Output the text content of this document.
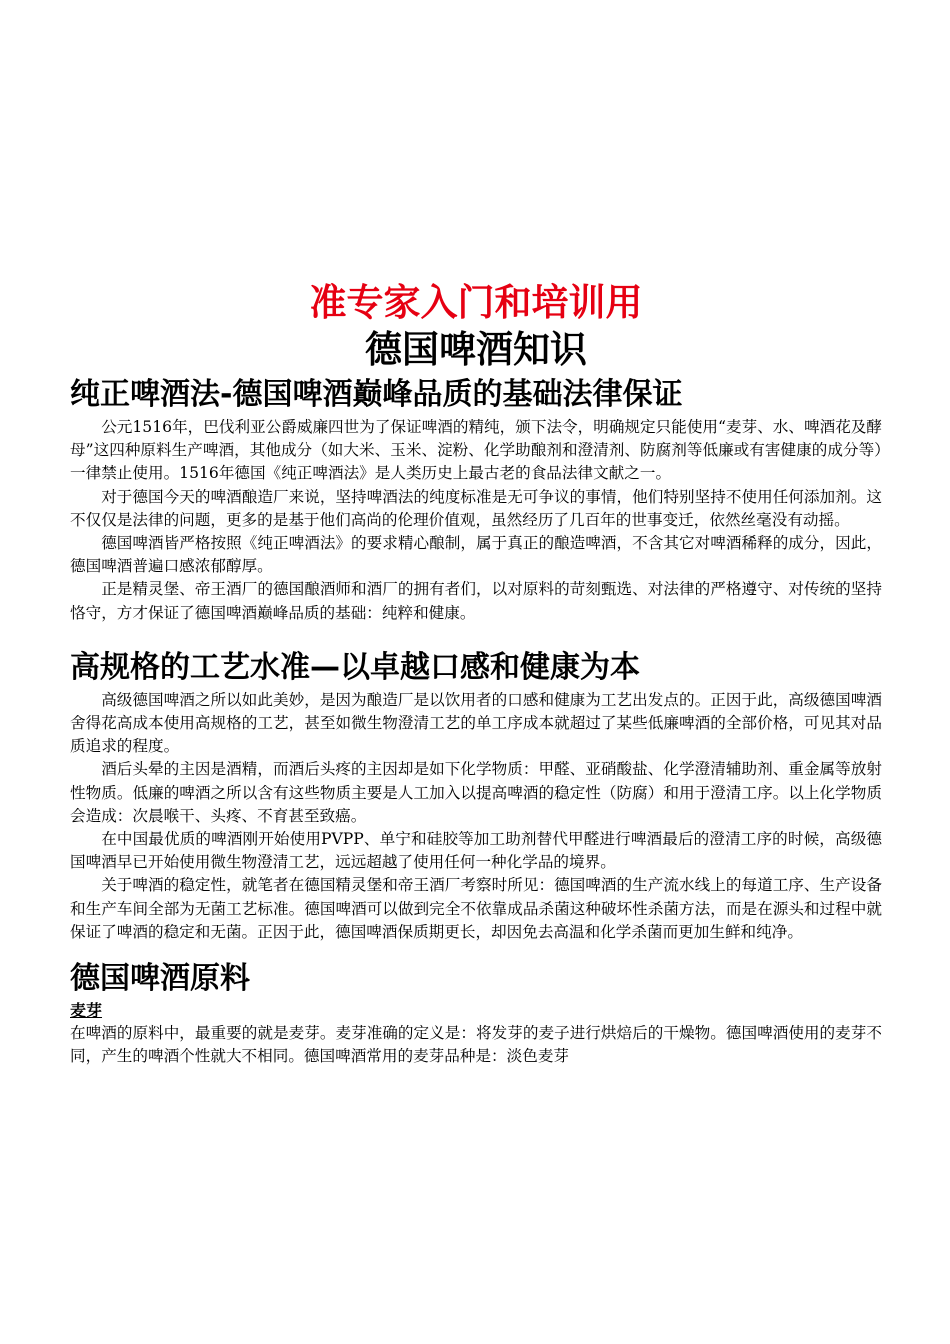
准专家入门和培训用
德国啤酒知识
纯正啤酒法-德国啤酒巅峰品质的基础法律保证

公元1516年，巴伐利亚公爵威廉四世为了保证啤酒的精纯，颁下法令，明确规定只能使用“麦芽、水、啤酒花及酵母”这四种原料生产啤酒，其他成分（如大米、玉米、淀粉、化学助酿剂和澄清剂、防腐剂等低廉或有害健康的成分等）一律禁止使用。1516年德国《纯正啤酒法》是人类历史上最古老的食品法律文献之一。

对于德国今天的啤酒酿造厂来说，坚持啤酒法的纯度标准是无可争议的事情，他们特别坚持不使用任何添加剂。这不仅仅是法律的问题，更多的是基于他们高尚的伦理价值观，虽然经历了几百年的世事变迁，依然丝毫没有动摇。

德国啤酒皆严格按照《纯正啤酒法》的要求精心酿制，属于真正的酿造啤酒，不含其它对啤酒稀释的成分，因此，德国啤酒普遍口感浓郁醇厚。

正是精灵堡、帝王酒厂的德国酿酒师和酒厂的拥有者们，以对原料的苛刻甄选、对法律的严格遵守、对传统的坚持恪守，方才保证了德国啤酒巅峰品质的基础：纯粹和健康。

高规格的工艺水准—以卓越口感和健康为本

高级德国啤酒之所以如此美妙，是因为酿造厂是以饮用者的口感和健康为工艺出发点的。正因于此，高级德国啤酒舍得花高成本使用高规格的工艺，甚至如微生物澄清工艺的单工序成本就超过了某些低廉啤酒的全部价格，可见其对品质追求的程度。

酒后头晕的主因是酒精，而酒后头疼的主因却是如下化学物质：甲醛、亚硝酸盐、化学澄清辅助剂、重金属等放射性物质。低廉的啤酒之所以含有这些物质主要是人工加入以提高啤酒的稳定性（防腐）和用于澄清工序。以上化学物质会造成：次晨喉干、头疼、不育甚至致癌。

在中国最优质的啤酒刚开始使用PVPP、单宁和硅胶等加工助剂替代甲醛进行啤酒最后的澄清工序的时候，高级德国啤酒早已开始使用微生物澄清工艺，远远超越了使用任何一种化学品的境界。

关于啤酒的稳定性，就笔者在德国精灵堡和帝王酒厂考察时所见：德国啤酒的生产流水线上的每道工序、生产设备和生产车间全部为无菌工艺标准。德国啤酒可以做到完全不依靠成品杀菌这种破坏性杀菌方法，而是在源头和过程中就保证了啤酒的稳定和无菌。正因于此，德国啤酒保质期更长，却因免去高温和化学杀菌而更加生鲜和纯净。

德国啤酒原料

麦芽

在啤酒的原料中，最重要的就是麦芽。麦芽准确的定义是：将发芽的麦子进行烘焙后的干燥物。德国啤酒使用的麦芽不同，产生的啤酒个性就大不相同。德国啤酒常用的麦芽品种是：淡色麦芽
